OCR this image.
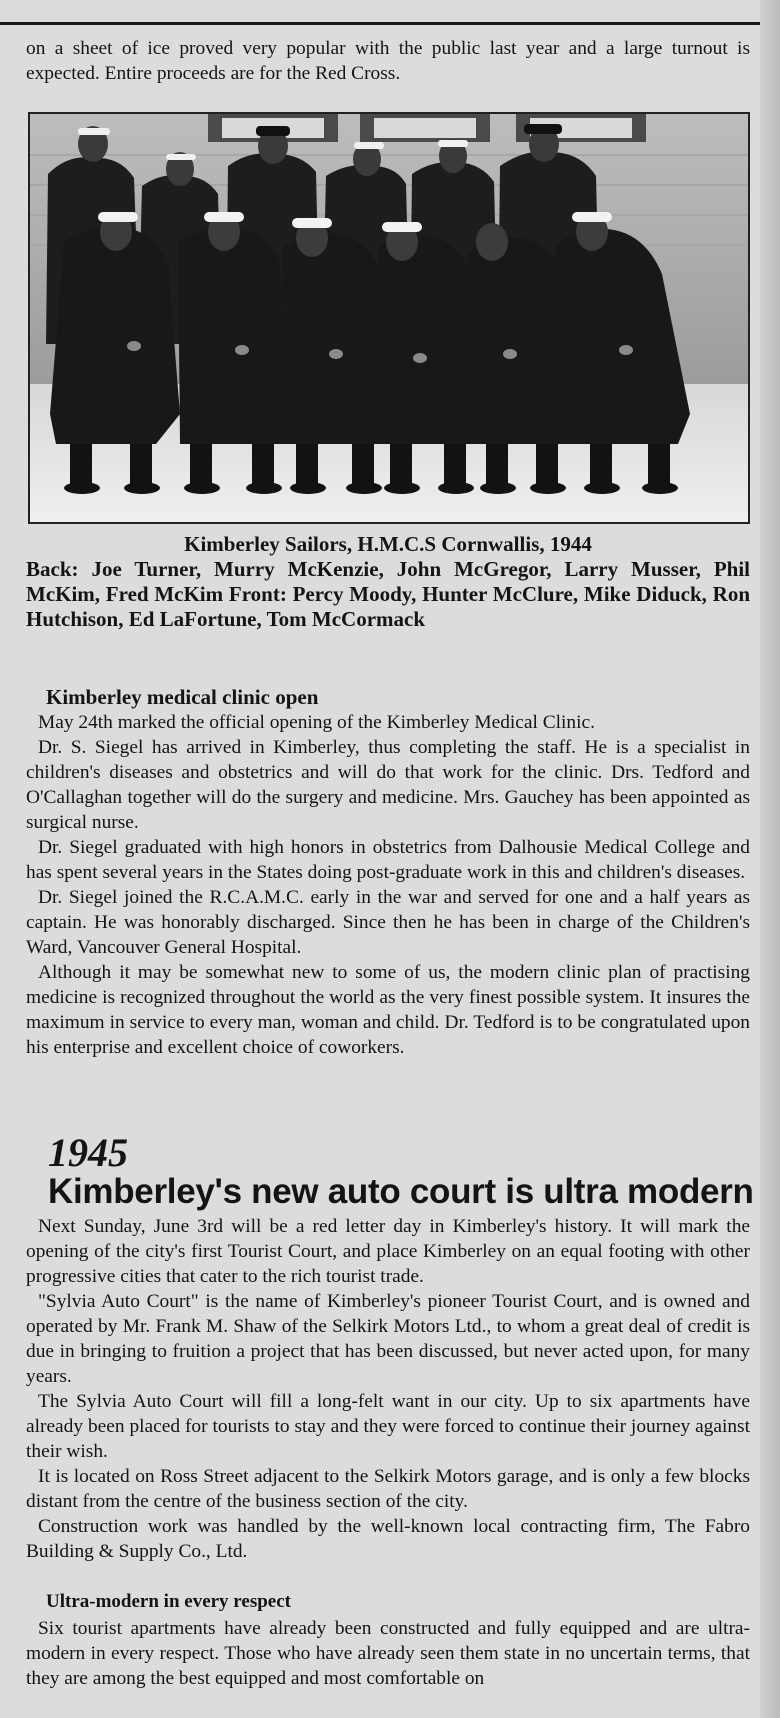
on a sheet of ice proved very popular with the public last year and a large turnout is expected. Entire proceeds are for the Red Cross.

Kimberley Sailors, H.M.C.S Cornwallis, 1944

Back: Joe Turner, Murry McKenzie, John McGregor, Larry Musser, Phil McKim, Fred McKim Front: Percy Moody, Hunter McClure, Mike Diduck, Ron Hutchison, Ed LaFortune, Tom McCormack

Kimberley medical clinic open

May 24th marked the official opening of the Kimberley Medical Clinic.

Dr. S. Siegel has arrived in Kimberley, thus completing the staff. He is a specialist in children's diseases and obstetrics and will do that work for the clinic. Drs. Tedford and O'Callaghan together will do the surgery and medicine. Mrs. Gauchey has been appointed as surgical nurse.

Dr. Siegel graduated with high honors in obstetrics from Dalhousie Medical College and has spent several years in the States doing post-graduate work in this and children's diseases.

Dr. Siegel joined the R.C.A.M.C. early in the war and served for one and a half years as captain. He was honorably discharged. Since then he has been in charge of the Children's Ward, Vancouver General Hospital.

Although it may be somewhat new to some of us, the modern clinic plan of practising medicine is recognized throughout the world as the very finest possible system. It insures the maximum in service to every man, woman and child. Dr. Tedford is to be congratulated upon his enterprise and excellent choice of coworkers.

1945
Kimberley's new auto court is ultra modern

Next Sunday, June 3rd will be a red letter day in Kimberley's history. It will mark the opening of the city's first Tourist Court, and place Kimberley on an equal footing with other progressive cities that cater to the rich tourist trade.

"Sylvia Auto Court" is the name of Kimberley's pioneer Tourist Court, and is owned and operated by Mr. Frank M. Shaw of the Selkirk Motors Ltd., to whom a great deal of credit is due in bringing to fruition a project that has been discussed, but never acted upon, for many years.

The Sylvia Auto Court will fill a long-felt want in our city. Up to six apartments have already been placed for tourists to stay and they were forced to continue their journey against their wish.

It is located on Ross Street adjacent to the Selkirk Motors garage, and is only a few blocks distant from the centre of the business section of the city.

Construction work was handled by the well-known local contracting firm, The Fabro Building & Supply Co., Ltd.

Ultra-modern in every respect

Six tourist apartments have already been constructed and fully equipped and are ultra-modern in every respect. Those who have already seen them state in no uncertain terms, that they are among the best equipped and most comfortable on
